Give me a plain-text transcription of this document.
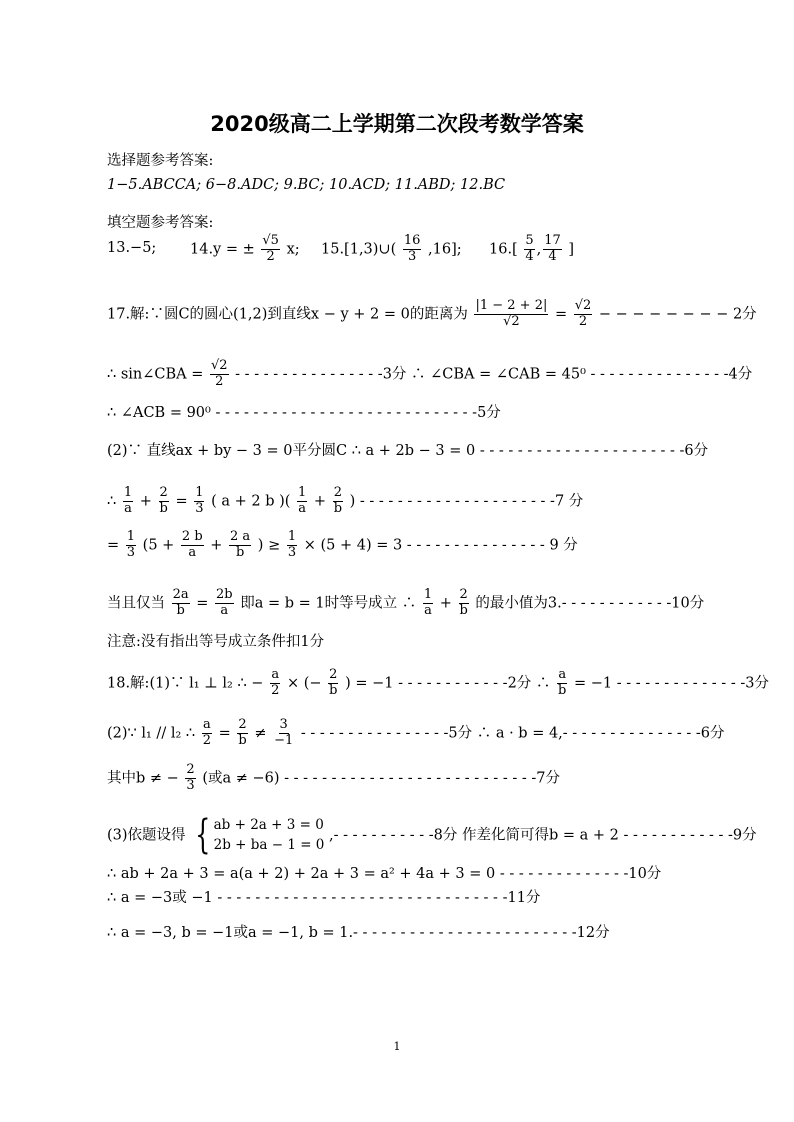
2020级高二上学期第二次段考数学答案
选择题参考答案:
1−5.ABCCA; 6−8.ADC; 9.BC; 10.ACD; 11.ABD; 12.BC
填空题参考答案:
13.−5; 14.y = ± $\frac{√5}{2} x$; 15.[1,3)∪( $\frac{16}{3} ,16$]; $16.[ \frac{5}{4}$ , $\frac{17}{4}$ ]
17.解:∵圆C的圆心(1,2)到直线x − y + 2 = 0的距离为 $\frac{|1 - 2 + 2|}{√2} = \frac{√2}{2}$ − − − − − − − − 2分
∴ sin∠CBA = $\frac{√2}{2}$ - - - - - - - - - - - - - - - -3分 ∴ ∠CBA = ∠CAB = 45⁰ - - - - - - - - - - - - - - -4分
∴ ∠ACB = 90⁰ - - - - - - - - - - - - - - - - - - - - - - - - - - - -5分
(2)∵ 直线ax + by − 3 = 0平分圆C ∴ a + 2b − 3 = 0 - - - - - - - - - - - - - - - - - - - - - -6分
∴ $\frac{1}{a} + \frac{2}{b} = \frac{1}{3}$ ( a + 2 b )( $\frac{1}{a} + \frac{2}{b}$ ) - - - - - - - - - - - - - - - - - - - - -7 分
= $\frac{1}{3} (5 + \frac{2 b}{a} + \frac{2 a}{b}$ ) ≥ $\frac{1}{3} \times (5 + 4) = 3$ - - - - - - - - - - - - - - - 9 分
当且仅当 $\frac{2a}{b} = \frac{2b}{a}$ 即a = b = 1时等号成立 ∴ $\frac{1}{a} + \frac{2}{b}$ 的最小值为3.- - - - - - - - - - - -10分
注意:没有指出等号成立条件扣1分
18.解:(1)∵ l₁ ⊥ l₂ ∴ − $\frac{a}{2}$ × (− $\frac{2}{b}$ ) = −1 - - - - - - - - - - - -2分 ∴ $\frac{a}{b} = -1$ - - - - - - - - - - - - - -3分
(2)∵ l₁ // l₂ ∴ $\frac{a}{2} = \frac{2}{b} \ne \frac{3}{-1}$ - - - - - - - - - - - - - - - -5分 ∴ a · b = 4,- - - - - - - - - - - - - - -6分
其中b ≠ − $\frac{2}{3}$ (或a ≠ −6) - - - - - - - - - - - - - - - - - - - - - - - - - - -7分
(3)依题设得 { ab + 2a + 3 = 0
2b + ba − 1 = 0
,- - - - - - - - - - -8分 作差化简可得b = a + 2 - - - - - - - - - - - -9分
∴ ab + 2a + 3 = a(a + 2) + 2a + 3 = a² + 4a + 3 = 0 - - - - - - - - - - - - - -10分
∴ a = −3或 −1 - - - - - - - - - - - - - - - - - - - - - - - - - - - - - - -11分
∴ a = −3, b = −1或a = −1, b = 1.- - - - - - - - - - - - - - - - - - - - - - - -12分
1
